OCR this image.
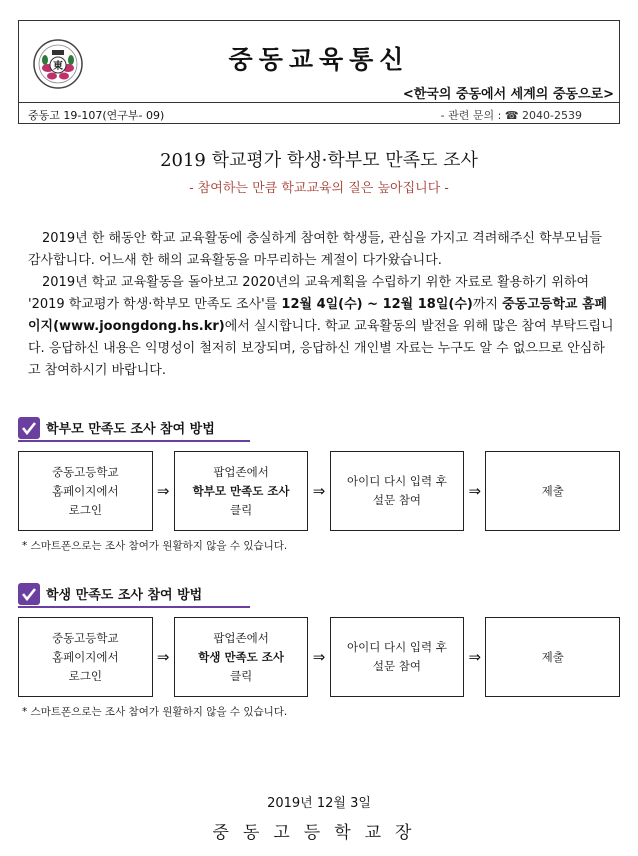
東	중동교육통신
<한국의 중동에서 세계의 중동으로>
중동고 19-107(연구부- 09)	- 관련 문의 : ☎ 2040-2539
2019 학교평가 학생·학부모 만족도 조사
- 참여하는 만큼 학교교육의 질은 높아집니다 -
2019년 한 해동안 학교 교육활동에 충실하게 참여한 학생들, 관심을 가지고 격려해주신 학부모님들 감사합니다. 어느새 한 해의 교육활동을 마무리하는 계절이 다가왔습니다.
2019년 학교 교육활동을 돌아보고 2020년의 교육계획을 수립하기 위한 자료로 활용하기 위하여 '2019 학교평가 학생·학부모 만족도 조사'를 12월 4일(수) ~ 12월 18일(수)까지 중동고등학교 홈페이지(www.joongdong.hs.kr)에서 실시합니다. 학교 교육활동의 발전을 위해 많은 참여 부탁드립니다. 응답하신 내용은 익명성이 철저히 보장되며, 응답하신 개인별 자료는 누구도 알 수 없으므로 안심하고 참여하시기 바랍니다.
학부모 만족도 조사 참여 방법
중동고등학교
홈페이지에서
로그인
⇒
팝업존에서
학부모 만족도 조사
클릭
⇒
아이디 다시 입력 후
설문 참여	⇒	제출
* 스마트폰으로는 조사 참여가 원활하지 않을 수 있습니다.
학생 만족도 조사 참여 방법
중동고등학교
홈페이지에서
로그인
⇒
팝업존에서
학생 만족도 조사
클릭
⇒
아이디 다시 입력 후
설문 참여	⇒	제출
* 스마트폰으로는 조사 참여가 원활하지 않을 수 있습니다.
2019년 12월 3일
중동고등학교장
